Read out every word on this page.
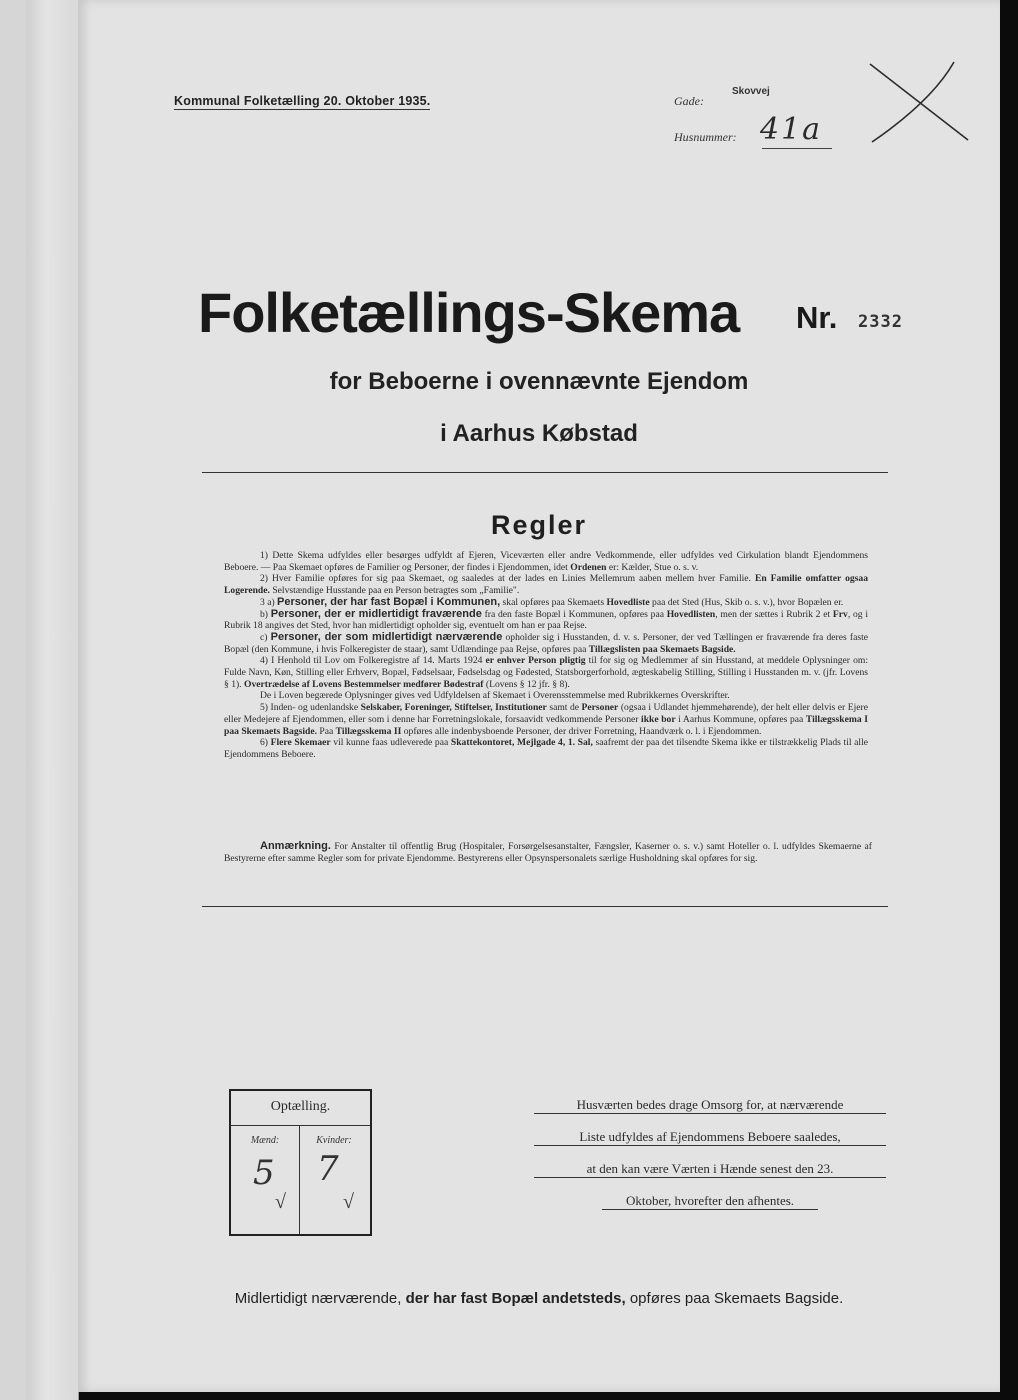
Kommunal Folketælling 20. Oktober 1935.	Gade:
Skovvej
Husnummer: 41a
Folketællings-Skema Nr. 2332
for Beboerne i ovennævnte Ejendom
i Aarhus Købstad
Regler

1) Dette Skema udfyldes eller besørges udfyldt af Ejeren, Viceværten eller andre Vedkommende, eller udfyldes ved Cirkulation blandt Ejendommens Beboere. — Paa Skemaet opføres de Familier og Personer, der findes i Ejendommen, idet Ordenen er: Kælder, Stue o. s. v.

2) Hver Familie opføres for sig paa Skemaet, og saaledes at der lades en Linies Mellemrum aaben mellem hver Familie. En Familie omfatter ogsaa Logerende. Selvstændige Husstande paa en Person betragtes som „Familie".

3 a) Personer, der har fast Bopæl i Kommunen, skal opføres paa Skemaets Hovedliste paa det Sted (Hus, Skib o. s. v.), hvor Bopælen er.

b) Personer, der er midlertidigt fraværende fra den faste Bopæl i Kommunen, opføres paa Hovedlisten, men der sættes i Rubrik 2 et Frv, og i Rubrik 18 angives det Sted, hvor han midlertidigt opholder sig, eventuelt om han er paa Rejse.

c) Personer, der som midlertidigt nærværende opholder sig i Husstanden, d. v. s. Personer, der ved Tællingen er fraværende fra deres faste Bopæl (den Kommune, i hvis Folkeregister de staar), samt Udlændinge paa Rejse, opføres paa Tillægslisten paa Skemaets Bagside.

4) I Henhold til Lov om Folkeregistre af 14. Marts 1924 er enhver Person pligtig til for sig og Medlemmer af sin Husstand, at meddele Oplysninger om: Fulde Navn, Køn, Stilling eller Erhverv, Bopæl, Fødselsaar, Fødselsdag og Fødested, Statsborgerforhold, ægteskabelig Stilling, Stilling i Husstanden m. v. (jfr. Lovens § 1). Overtrædelse af Lovens Bestemmelser medfører Bødestraf (Lovens § 12 jfr. § 8).

De i Loven begærede Oplysninger gives ved Udfyldelsen af Skemaet i Overensstemmelse med Rubrikkernes Overskrifter.

5) Inden- og udenlandske Selskaber, Foreninger, Stiftelser, Institutioner samt de Personer (ogsaa i Udlandet hjemmehørende), der helt eller delvis er Ejere eller Medejere af Ejendommen, eller som i denne har Forretningslokale, forsaavidt vedkommende Personer ikke bor i Aarhus Kommune, opføres paa Tillægsskema I paa Skemaets Bagside. Paa Tillægsskema II opføres alle indenbysboende Personer, der driver Forretning, Haandværk o. l. i Ejendommen.

6) Flere Skemaer vil kunne faas udleverede paa Skattekontoret, Mejlgade 4, 1. Sal, saafremt der paa det tilsendte Skema ikke er tilstrækkelig Plads til alle Ejendommens Beboere.

Anmærkning. For Anstalter til offentlig Brug (Hospitaler, Forsørgelsesanstalter, Fængsler, Kaserner o. s. v.) samt Hoteller o. l. udfyldes Skemaerne af Bestyrerne efter samme Regler som for private Ejendomme. Bestyrerens eller Opsynspersonalets særlige Husholdning skal opføres for sig.
Optælling.
Mænd:	Kvinder:
5 7
√	√
Husværten bedes drage Omsorg for, at nærværende
Liste udfyldes af Ejendommens Beboere saaledes,
at den kan være Værten i Hænde senest den 23.
Oktober, hvorefter den afhentes.
Midlertidigt nærværende, der har fast Bopæl andetsteds, opføres paa Skemaets Bagside.
